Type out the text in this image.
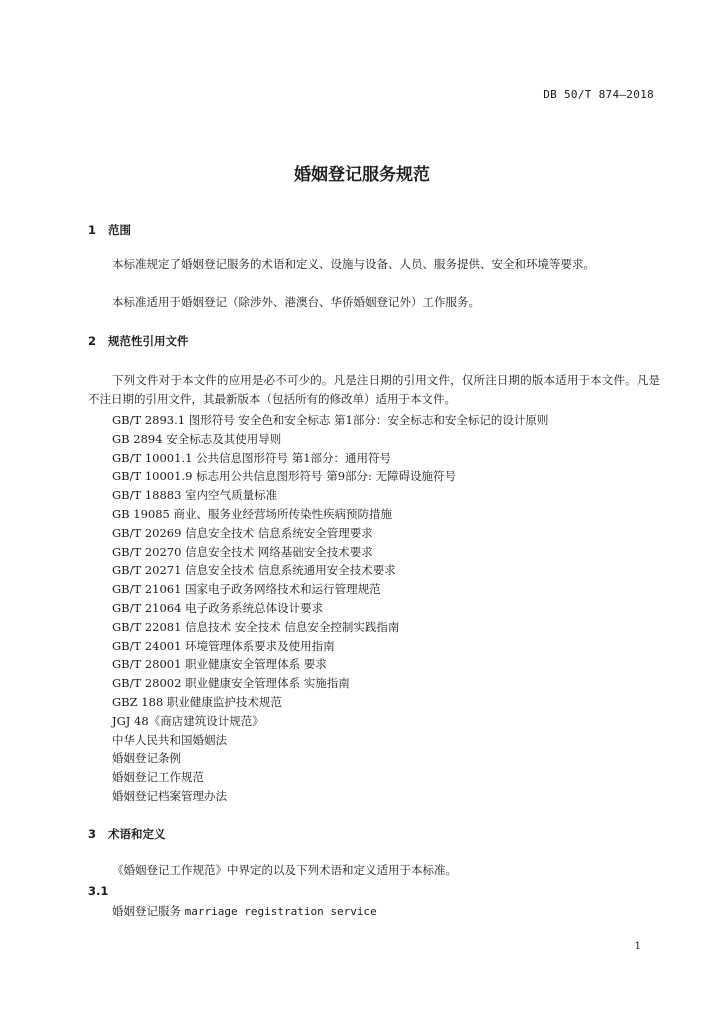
DB 50/T 874—2018
婚姻登记服务规范
1 范围
本标准规定了婚姻登记服务的术语和定义、设施与设备、人员、服务提供、安全和环境等要求。
本标准适用于婚姻登记（除涉外、港澳台、华侨婚姻登记外）工作服务。
2 规范性引用文件
下列文件对于本文件的应用是必不可少的。凡是注日期的引用文件，仅所注日期的版本适用于本文件。凡是不注日期的引用文件，其最新版本（包括所有的修改单）适用于本文件。
GB/T 2893.1 图形符号 安全色和安全标志 第1部分：安全标志和安全标记的设计原则
GB 2894 安全标志及其使用导则
GB/T 10001.1 公共信息图形符号 第1部分：通用符号
GB/T 10001.9 标志用公共信息图形符号 第9部分: 无障碍设施符号
GB/T 18883 室内空气质量标准
GB 19085 商业、服务业经营场所传染性疾病预防措施
GB/T 20269 信息安全技术 信息系统安全管理要求
GB/T 20270 信息安全技术 网络基础安全技术要求
GB/T 20271 信息安全技术 信息系统通用安全技术要求
GB/T 21061 国家电子政务网络技术和运行管理规范
GB/T 21064 电子政务系统总体设计要求
GB/T 22081 信息技术 安全技术 信息安全控制实践指南
GB/T 24001 环境管理体系要求及使用指南
GB/T 28001 职业健康安全管理体系 要求
GB/T 28002 职业健康安全管理体系 实施指南
GBZ 188 职业健康监护技术规范
JGJ 48《商店建筑设计规范》
中华人民共和国婚姻法
婚姻登记条例
婚姻登记工作规范
婚姻登记档案管理办法
3 术语和定义
《婚姻登记工作规范》中界定的以及下列术语和定义适用于本标准。
3.1
婚姻登记服务 marriage registration service
1
